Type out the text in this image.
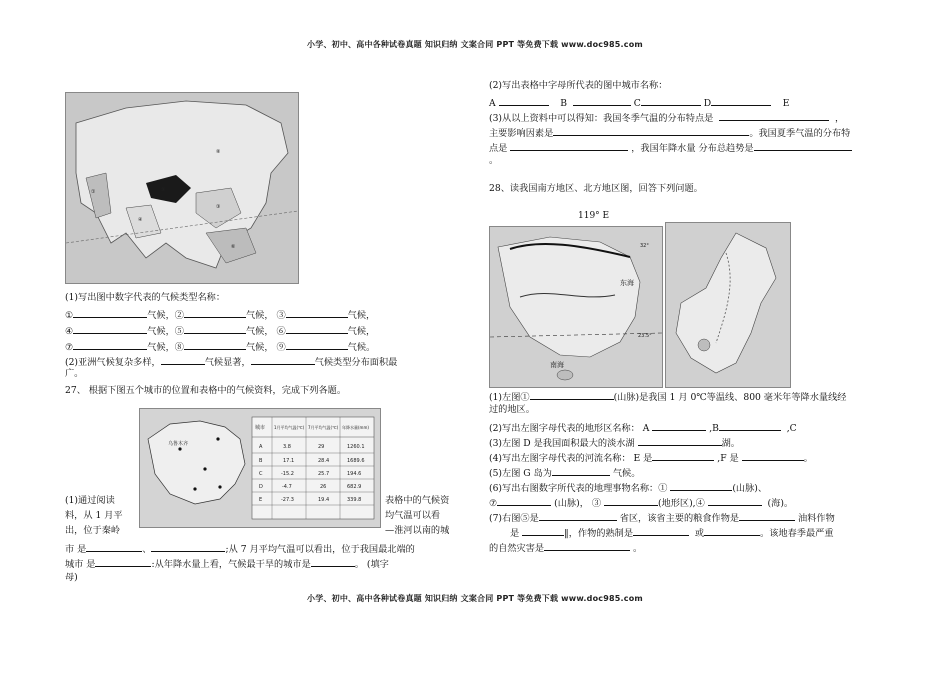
小学、初中、高中各种试卷真题 知识归纳 文案合同 PPT 等免费下载 www.doc985.com
①	⑨
⑧
③
⑥
④
(1)写出图中数字代表的气候类型名称：
①	气候，②	气候， ③	气候，
④	气候，⑤	气候， ⑥	气候，
⑦	气候，⑧	气候， ⑨	气候。
(2)亚洲气候复杂多样，	气候显著，	气候类型分布面积最
广。
27、 根据下图五个城市的位置和表格中的气候资料，完成下列各题。
乌鲁木齐
城市 1月平均气温(℃) 7月平均气温(℃) 年降水量(mm)
A	3.8	29	1260.1
B	17.1	28.4	1689.6
C	-15.2	25.7	194.6
D	-4.7	26	682.9
E	-27.3	19.4	339.8
(1)通过阅读
料，从 1 月平
出，位于秦岭
表格中的气候资
均气温可以看
—淮河以南的城
市 是	、	;从 7 月平均气温可以看出，位于我国最北端的
城市 是	:从年降水量上看，气候最干旱的城市是	。 (填字
母)
(2)写出表格中字母所代表的图中城市名称：
A	B	C	D	E
(3)从以上资料中可以得知：我国冬季气温的分布特点是	，
主要影响因素是	。我国夏季气温的分布特
点是	，我国年降水量 分布总趋势是
。
28、读我国南方地区、北方地区图，回答下列问题。
119° E
东海
南海
23.5°
32°
(1)左图①	(山脉)是我国 1 月 0℃等温线、800 毫米年等降水量线经
过的地区。
(2)写出左图字母代表的地形区名称： A	,B	,C
(3)左图 D 是我国面积最大的淡水湖	湖。
(4)写出左图字母代表的河流名称： E 是	,F 是	。
(5)左图 G 岛为	气候。
(6)写出右图数字所代表的地理事物名称：①	(山脉)、
⑦	(山脉)， ③	(地形区),④	(海)。
(7)右图⑤是	省区，该省主要的粮食作物是	油料作物
是	‖，作物的熟制是	或	。该地春季最严重
的自然灾害是	。
小学、初中、高中各种试卷真题 知识归纳 文案合同 PPT 等免费下载 www.doc985.com
